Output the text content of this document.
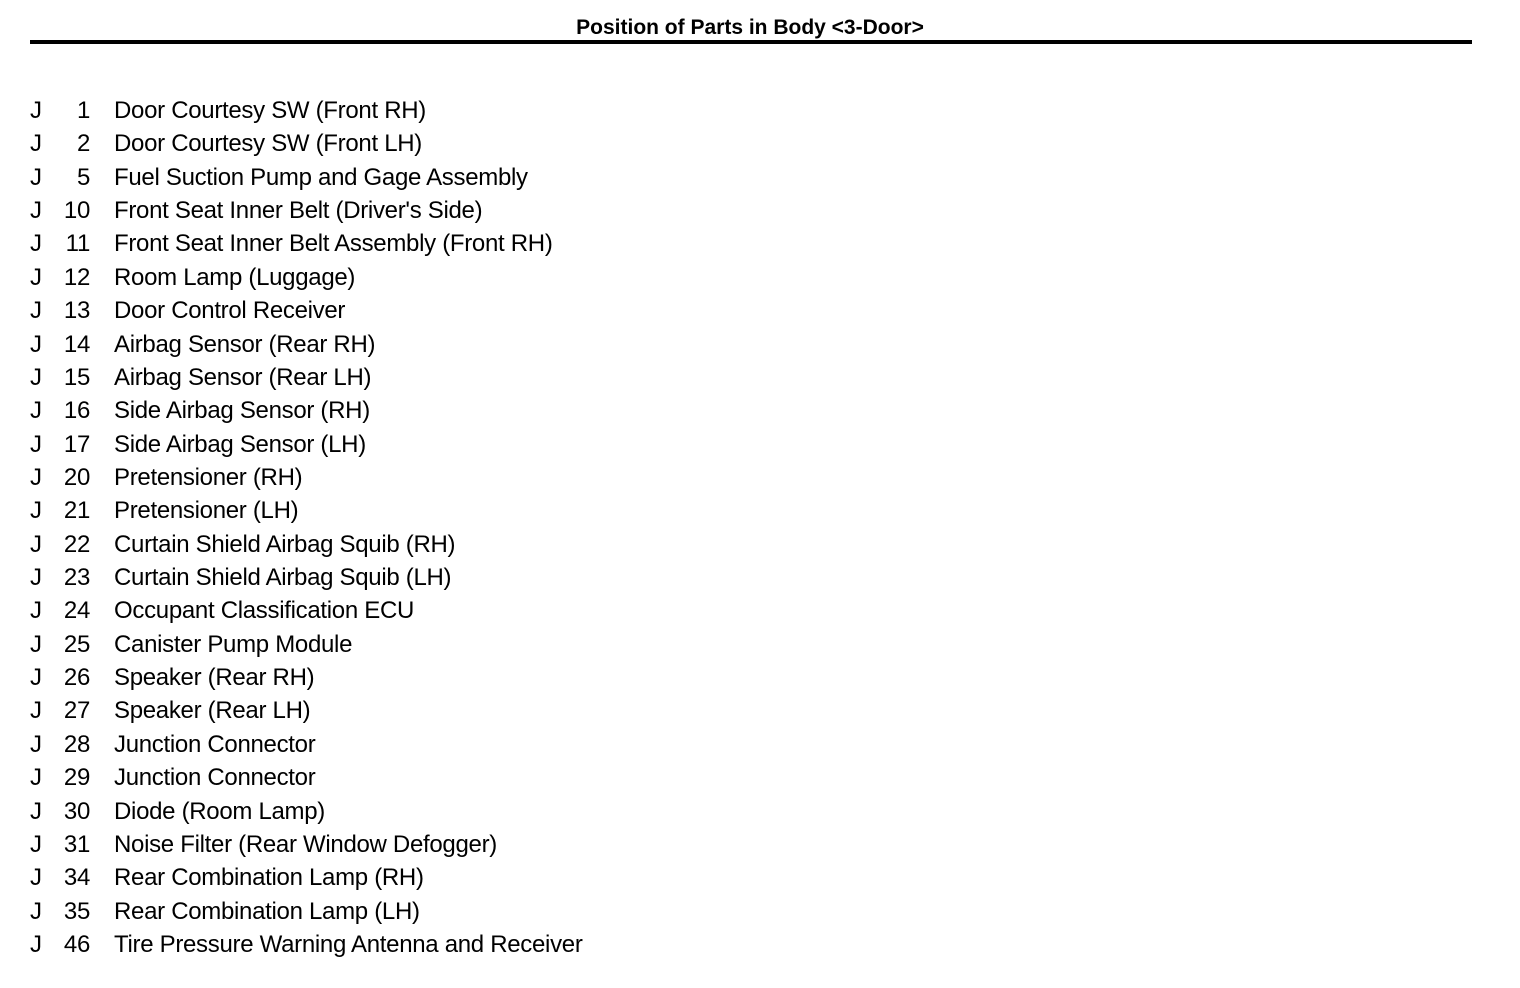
Position of Parts in Body <3-Door>
J	1 Door Courtesy SW (Front RH)
J	2 Door Courtesy SW (Front LH)
J	5 Fuel Suction Pump and Gage Assembly
J 10 Front Seat Inner Belt (Driver's Side)
J 11 Front Seat Inner Belt Assembly (Front RH)
J 12 Room Lamp (Luggage)
J 13 Door Control Receiver
J 14 Airbag Sensor (Rear RH)
J 15 Airbag Sensor (Rear LH)
J 16 Side Airbag Sensor (RH)
J 17 Side Airbag Sensor (LH)
J 20 Pretensioner (RH)
J 21 Pretensioner (LH)
J 22 Curtain Shield Airbag Squib (RH)
J 23 Curtain Shield Airbag Squib (LH)
J 24 Occupant Classification ECU
J 25 Canister Pump Module
J 26 Speaker (Rear RH)
J 27 Speaker (Rear LH)
J 28 Junction Connector
J 29 Junction Connector
J 30 Diode (Room Lamp)
J 31 Noise Filter (Rear Window Defogger)
J 34 Rear Combination Lamp (RH)
J 35 Rear Combination Lamp (LH)
J 46 Tire Pressure Warning Antenna and Receiver
